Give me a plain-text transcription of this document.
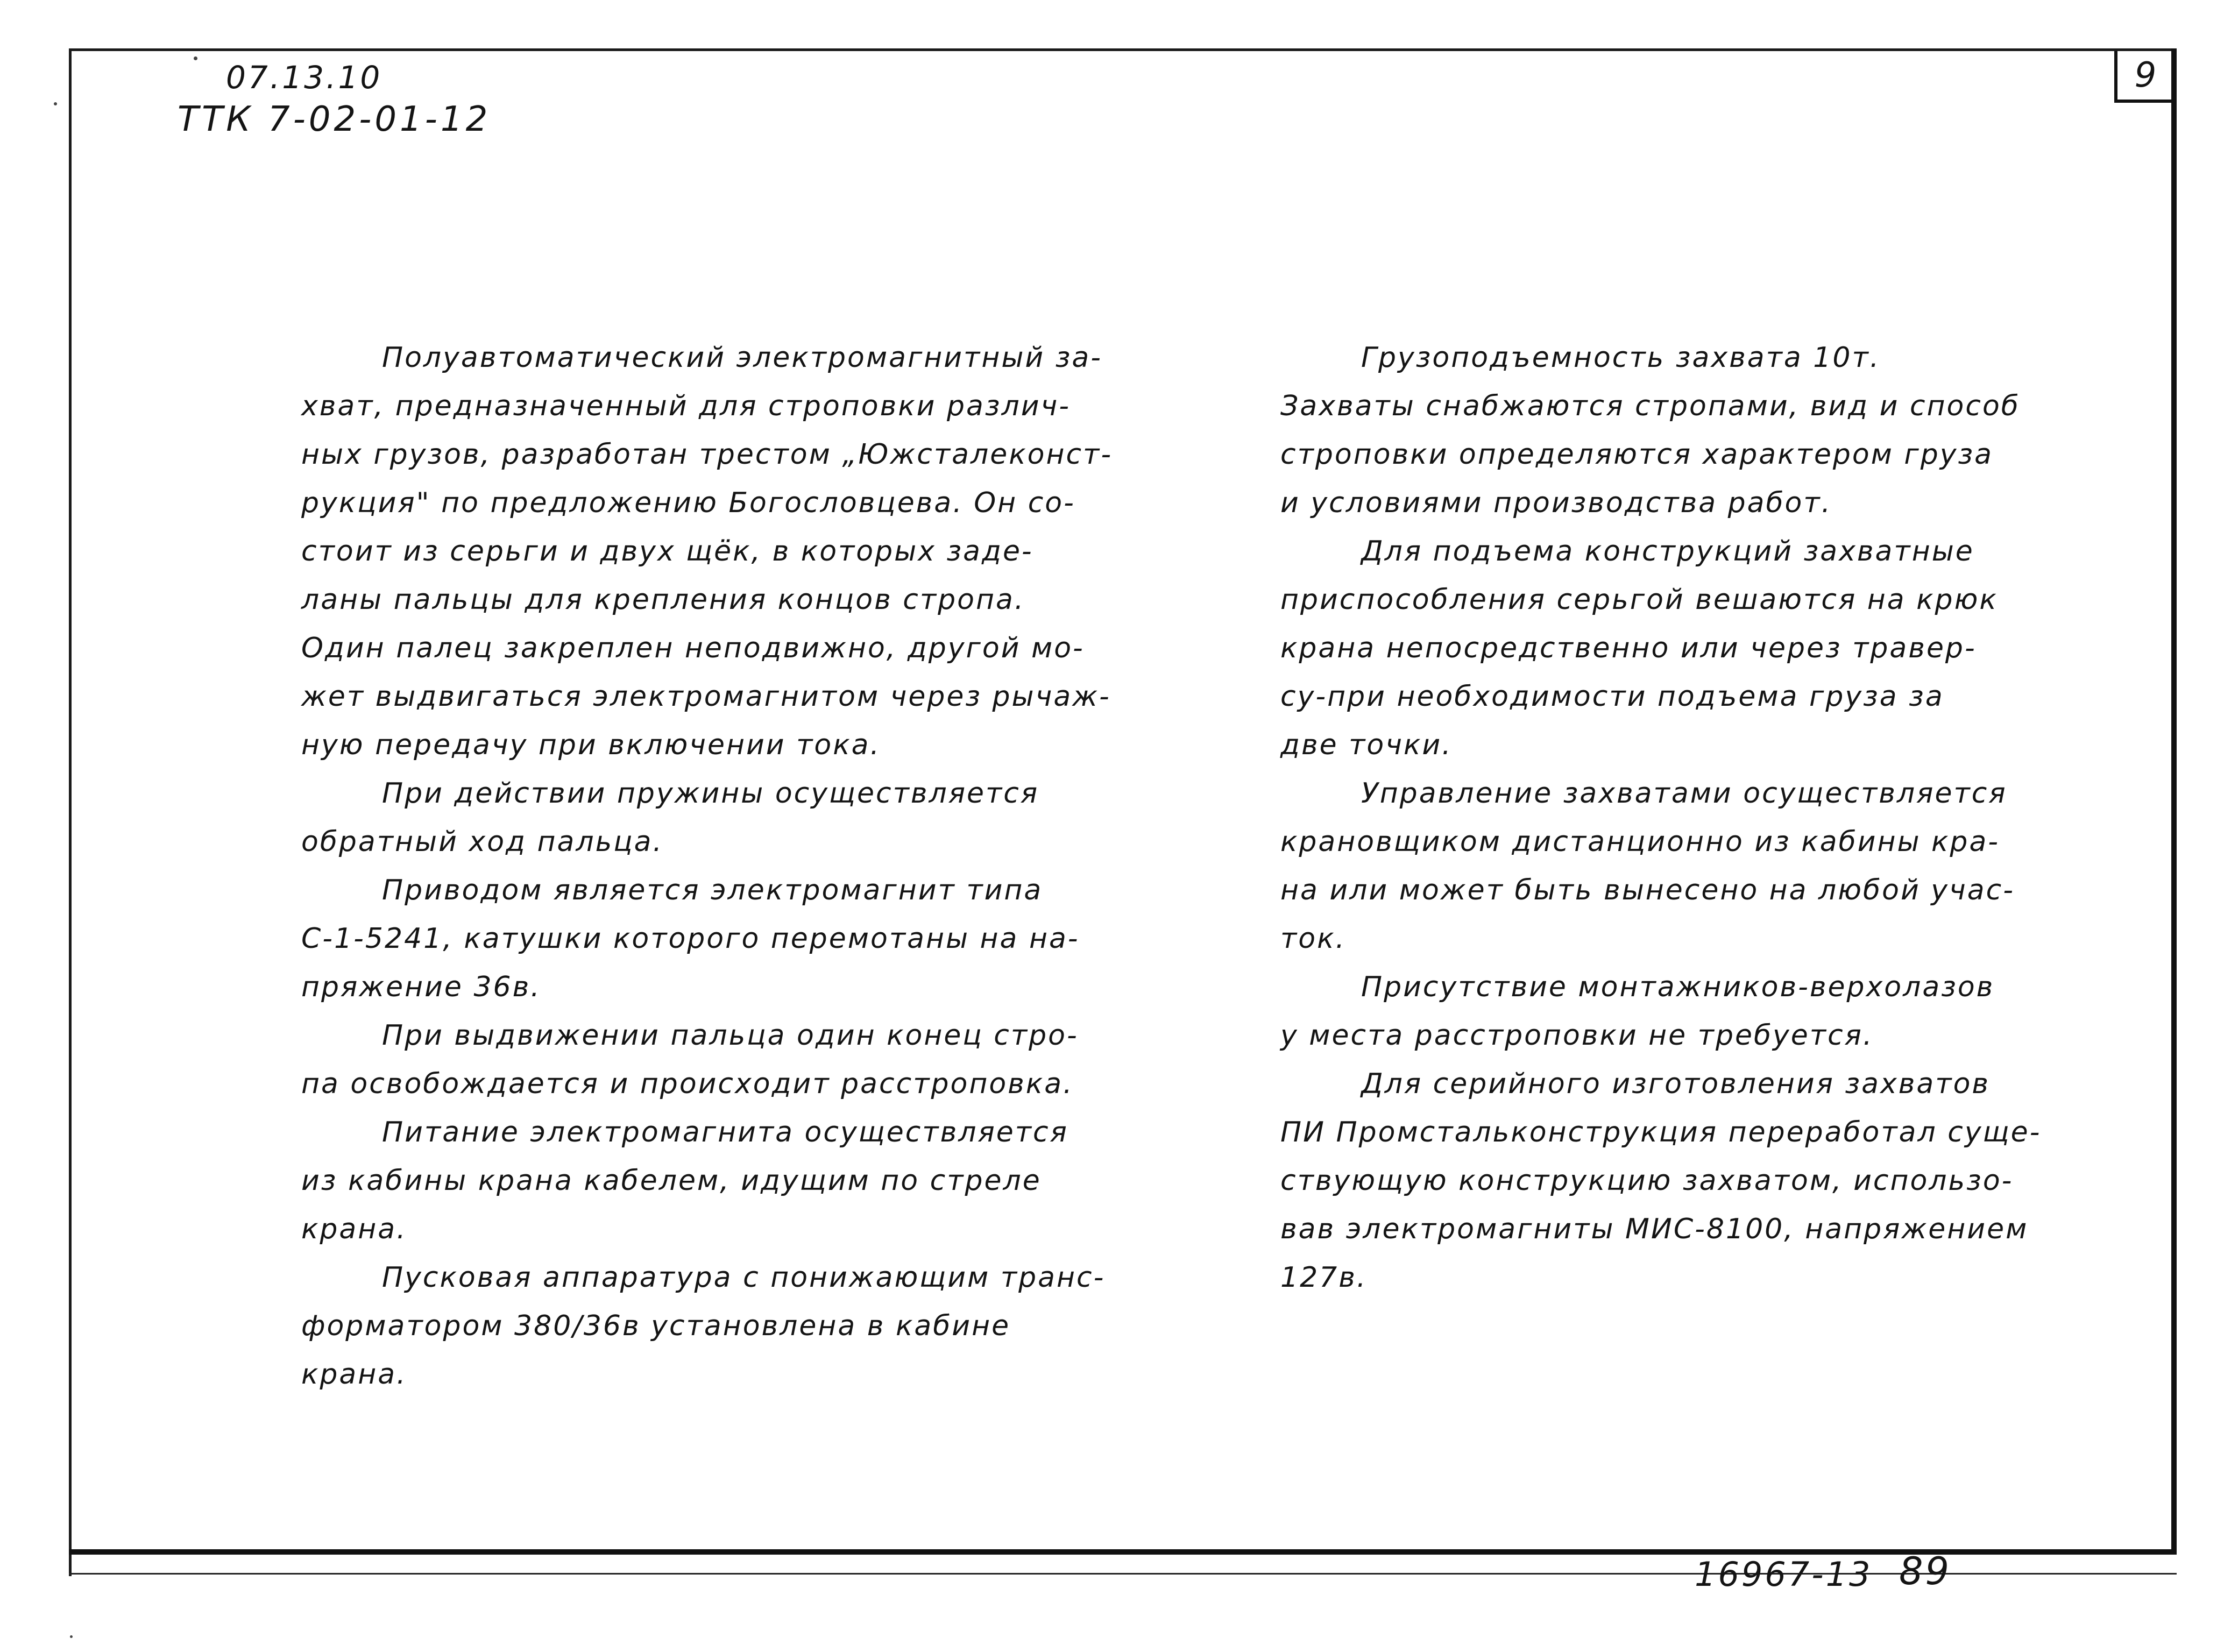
9
07.13.10
ТТК 7-02-01-12
Полуавтоматический электромагнитный за-
хват, предназначенный для строповки различ-
ных грузов, разработан трестом „Южсталеконст-
рукция" по предложению Богословцева. Он со-
стоит из серьги и двух щёк, в которых заде-
ланы пальцы для крепления концов стропа.
Один палец закреплен неподвижно, другой мо-
жет выдвигаться электромагнитом через рычаж-
ную передачу при включении тока.
При действии пружины осуществляется
обратный ход пальца.
Приводом является электромагнит типа
С-1-5241, катушки которого перемотаны на на-
пряжение 36в.
При выдвижении пальца один конец стро-
па освобождается и происходит расстроповка.
Питание электромагнита осуществляется
из кабины крана кабелем, идущим по стреле
крана.
Пусковая аппаратура с понижающим транс-
форматором 380/36в установлена в кабине
крана.
Грузоподъемность захвата 10т.
Захваты снабжаются стропами, вид и способ
строповки определяются характером груза
и условиями производства работ.
Для подъема конструкций захватные
приспособления серьгой вешаются на крюк
крана непосредственно или через травер-
су-при необходимости подъема груза за
две точки.
Управление захватами осуществляется
крановщиком дистанционно из кабины кра-
на или может быть вынесено на любой учас-
ток.
Присутствие монтажников-верхолазов
у места расстроповки не требуется.
Для серийного изготовления захватов
ПИ Промстальконструкция переработал суще-
ствующую конструкцию захватом, использо-
вав электромагниты МИС-8100, напряжением
127в.
16967-13 89
